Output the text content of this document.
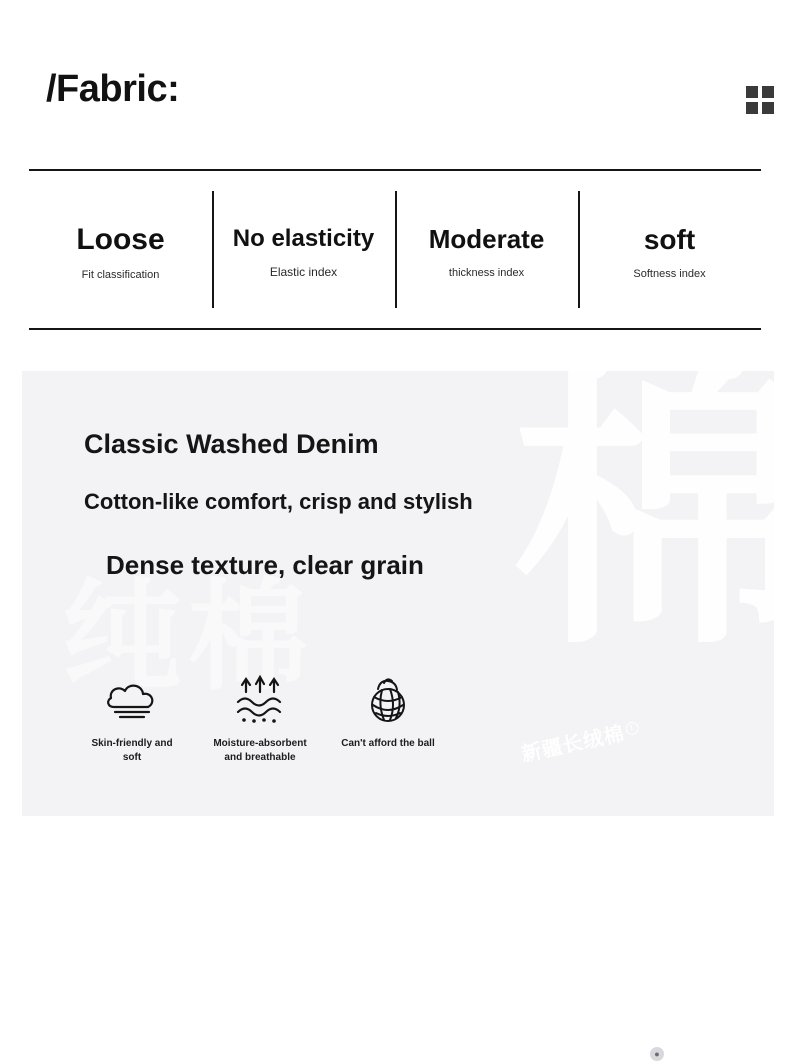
/Fabric:
Loose
Fit classification
No elasticity
Elastic index
Moderate
thickness index
soft
Softness index
棉
纯棉
Classic Washed Denim
Cotton-like comfort, crisp and stylish
Dense texture, clear grain
Skin-friendly and soft
Moisture-absorbent and breathable
Can't afford the ball
●
新疆长绒棉 1
